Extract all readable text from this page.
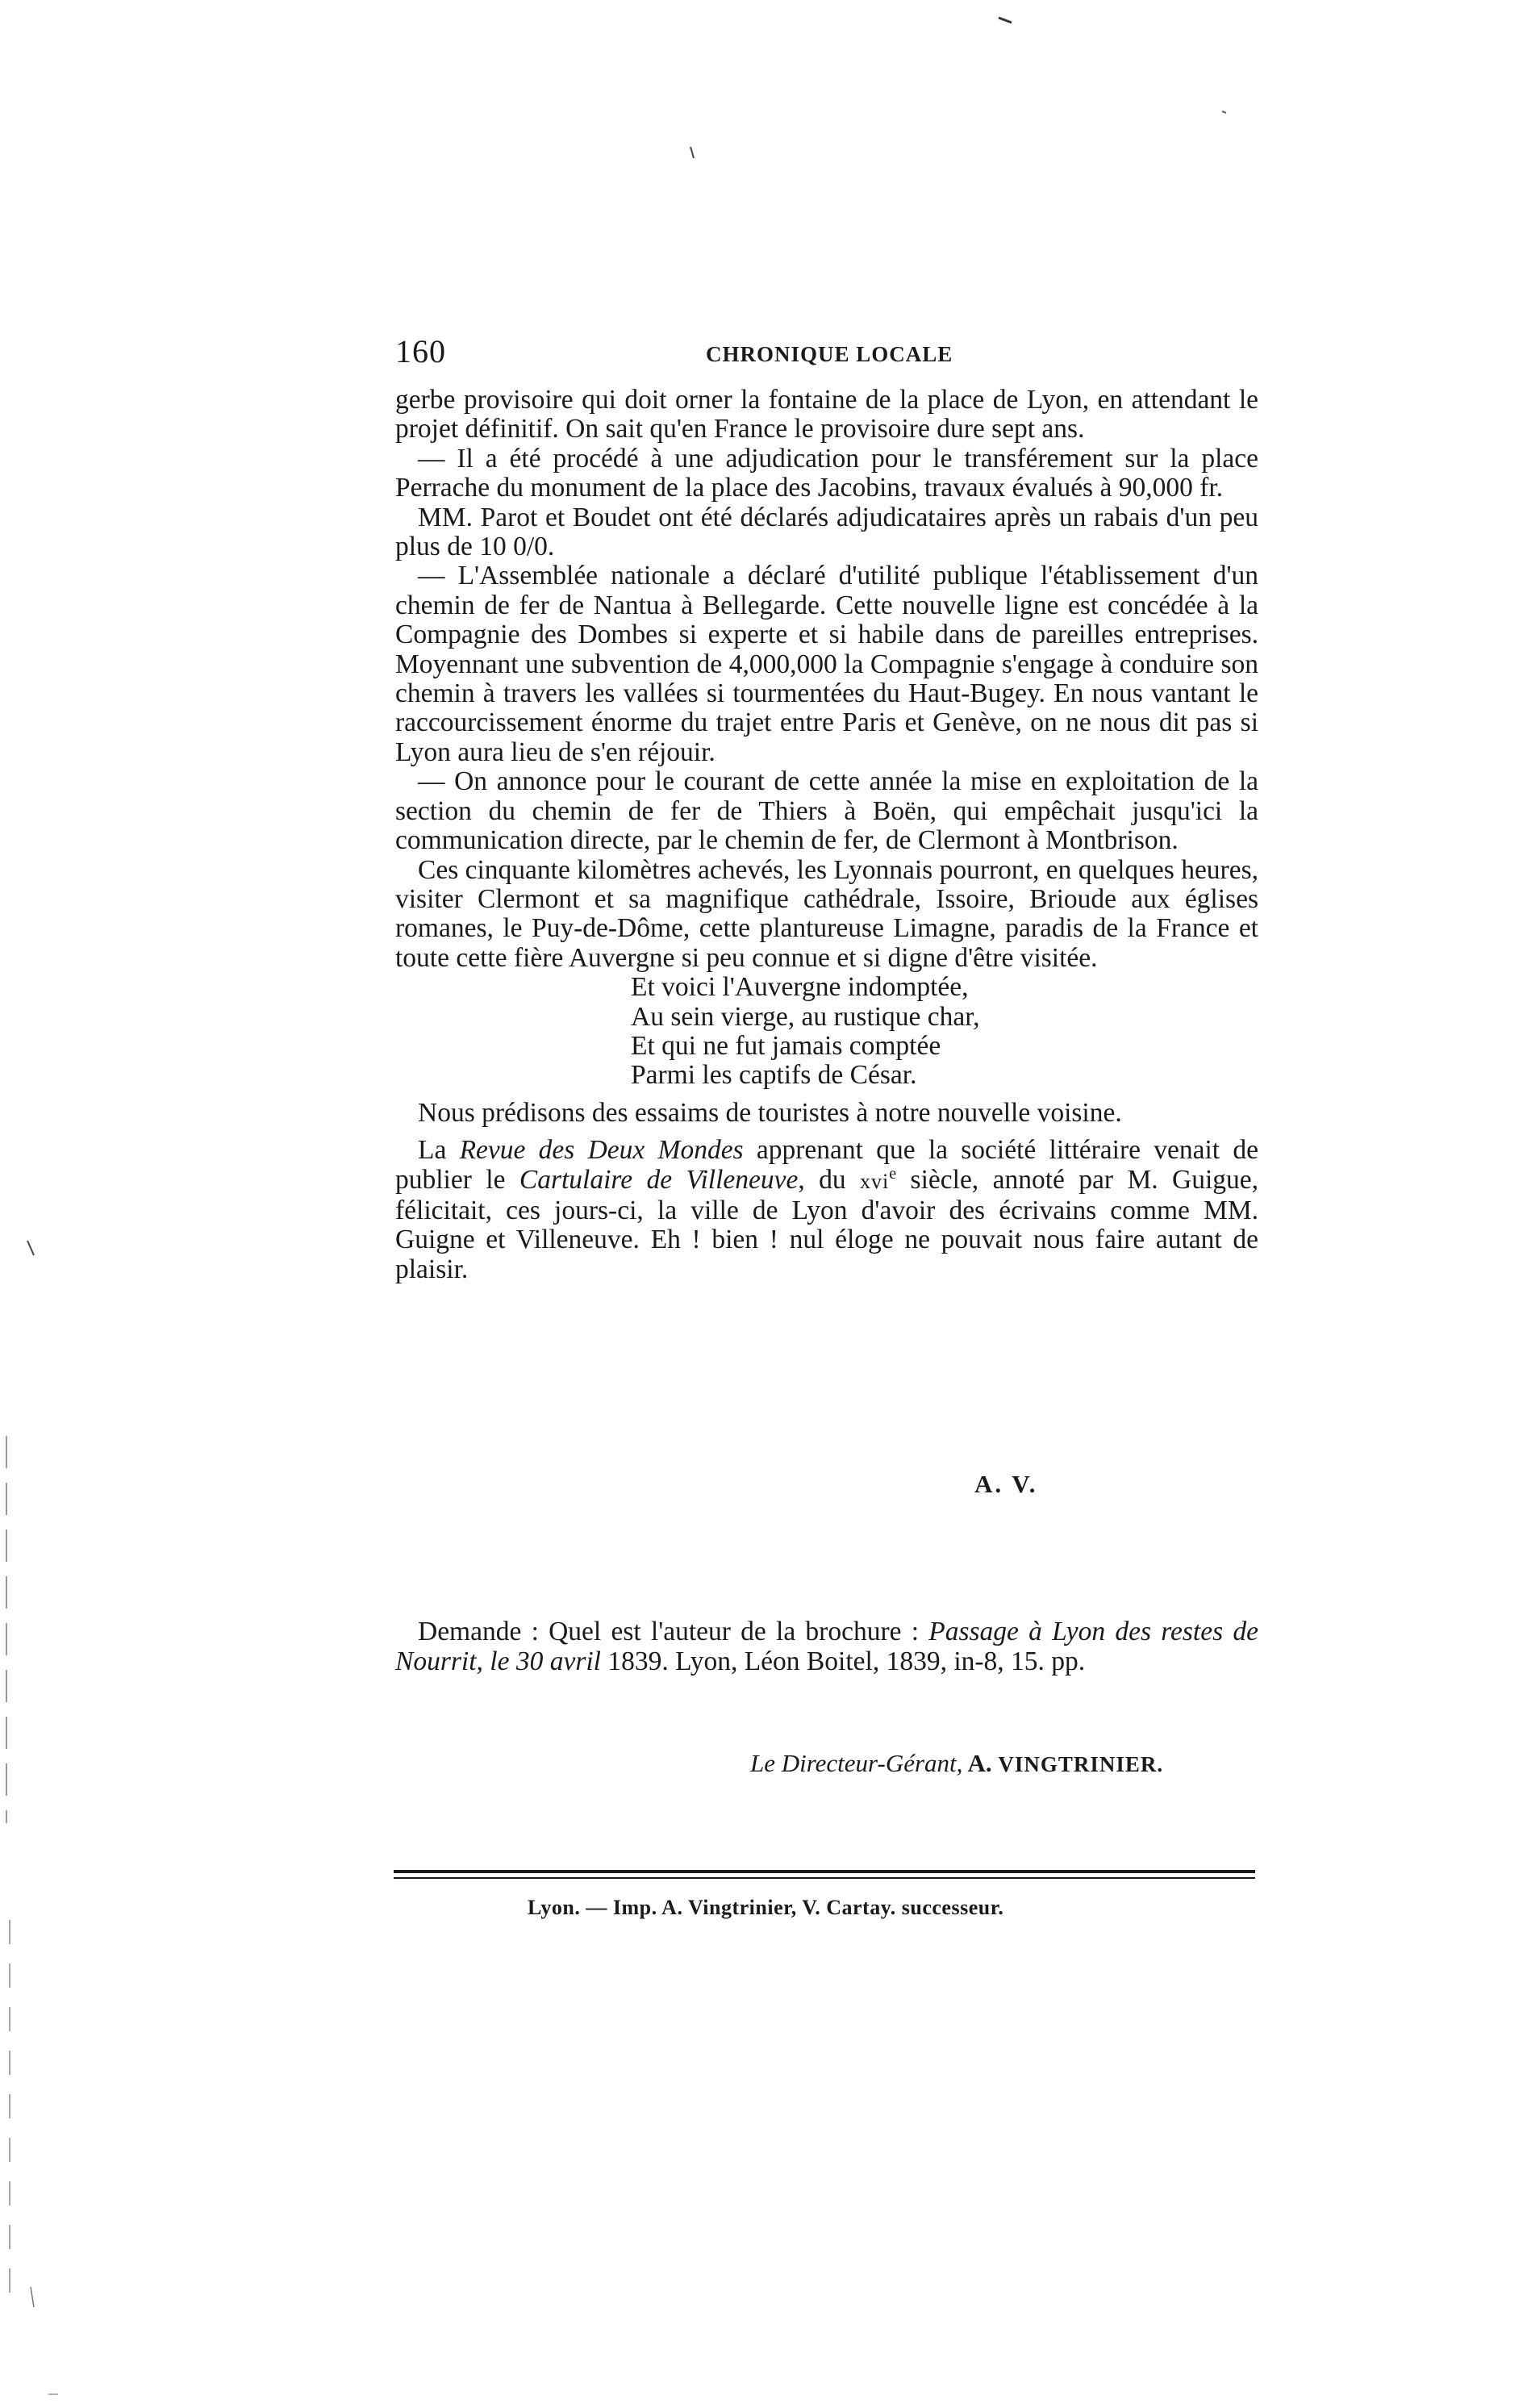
160	CHRONIQUE LOCALE

gerbe provisoire qui doit orner la fontaine de la place de Lyon, en attendant le projet définitif. On sait qu'en France le provisoire dure sept ans.

— Il a été procédé à une adjudication pour le transférement sur la place Perrache du monument de la place des Jacobins, travaux évalués à 90,000 fr.

MM. Parot et Boudet ont été déclarés adjudicataires après un rabais d'un peu plus de 10 0/0.

— L'Assemblée nationale a déclaré d'utilité publique l'établissement d'un chemin de fer de Nantua à Bellegarde. Cette nouvelle ligne est concédée à la Compagnie des Dombes si experte et si habile dans de pareilles entreprises. Moyennant une subvention de 4,000,000 la Compagnie s'engage à conduire son chemin à travers les vallées si tourmentées du Haut-Bugey. En nous vantant le raccourcissement énorme du trajet entre Paris et Genève, on ne nous dit pas si Lyon aura lieu de s'en réjouir.

— On annonce pour le courant de cette année la mise en exploitation de la section du chemin de fer de Thiers à Boën, qui empêchait jusqu'ici la communication directe, par le chemin de fer, de Clermont à Montbrison.

Ces cinquante kilomètres achevés, les Lyonnais pourront, en quelques heures, visiter Clermont et sa magnifique cathédrale, Issoire, Brioude aux églises romanes, le Puy-de-Dôme, cette plantureuse Limagne, paradis de la France et toute cette fière Auvergne si peu connue et si digne d'être visitée.

Et voici l'Auvergne indomptée,
Au sein vierge, au rustique char,
Et qui ne fut jamais comptée
Parmi les captifs de César.

Nous prédisons des essaims de touristes à notre nouvelle voisine.

La Revue des Deux Mondes apprenant que la société littéraire venait de publier le Cartulaire de Villeneuve, du xvi$^e$ siècle, annoté par M. Guigue, félicitait, ces jours-ci, la ville de Lyon d'avoir des écrivains comme MM. Guigne et Villeneuve. Eh ! bien ! nul éloge ne pouvait nous faire autant de plaisir.

A. V.

Demande : Quel est l'auteur de la brochure : Passage à Lyon des restes de Nourrit, le 30 avril 1839. Lyon, Léon Boitel, 1839, in-8, 15. pp.

Le Directeur-Gérant, A. VINGTRINIER.
Lyon. — Imp. A. Vingtrinier, V. Cartay. successeur.
